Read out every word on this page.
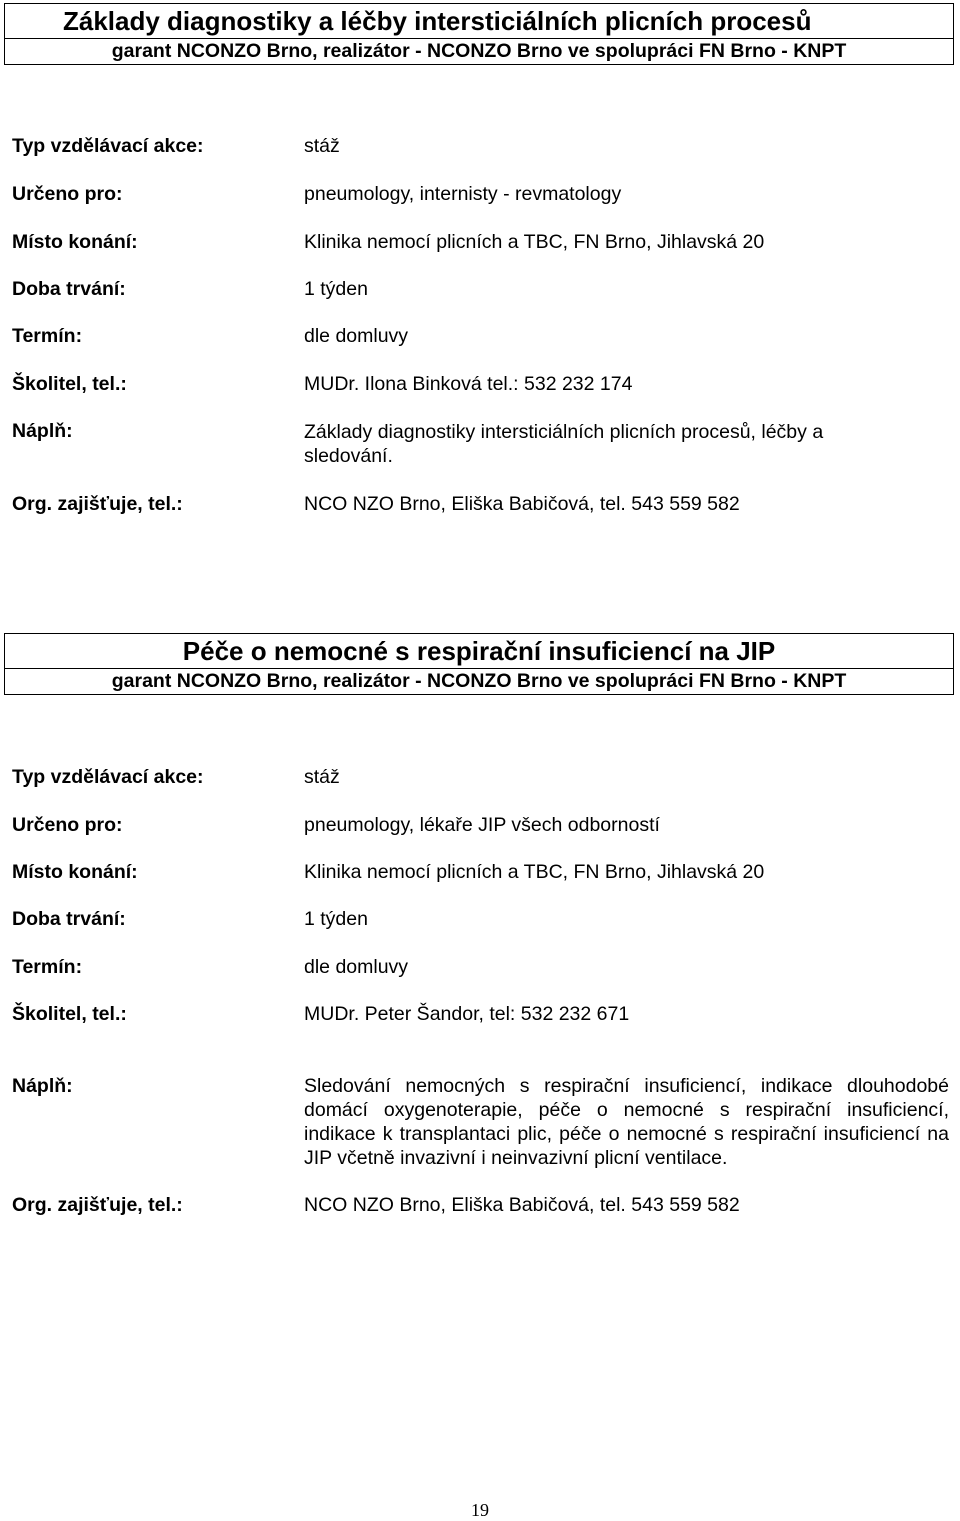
Základy diagnostiky a léčby intersticiálních plicních procesů
garant NCONZO Brno, realizátor - NCONZO Brno ve spolupráci FN Brno - KNPT
Typ vzdělávací akce:	stáž
Určeno pro:	pneumology, internisty - revmatology
Místo konání:	Klinika nemocí plicních a TBC, FN Brno, Jihlavská 20
Doba trvání:	1 týden
Termín:	dle domluvy
Školitel, tel.:	MUDr. Ilona Binková tel.: 532 232 174
Náplň:	Základy diagnostiky intersticiálních plicních procesů, léčby a sledování.
Org. zajišťuje, tel.:	NCO NZO Brno, Eliška Babičová, tel. 543 559 582
Péče o nemocné s respirační insuficiencí na JIP
garant NCONZO Brno, realizátor - NCONZO Brno ve spolupráci FN Brno - KNPT
Typ vzdělávací akce:	stáž
Určeno pro:	pneumology, lékaře JIP všech odborností
Místo konání:	Klinika nemocí plicních a TBC, FN Brno, Jihlavská 20
Doba trvání:	1 týden
Termín:	dle domluvy
Školitel, tel.:	MUDr. Peter Šandor, tel: 532 232 671
Náplň:	Sledování nemocných s respirační insuficiencí, indikace dlouhodobé domácí oxygenoterapie, péče o nemocné s respirační insuficiencí, indikace k transplantaci plic, péče o nemocné s respirační insuficiencí na JIP včetně invazivní i neinvazivní plicní ventilace.
Org. zajišťuje, tel.:	NCO NZO Brno, Eliška Babičová, tel. 543 559 582
19
